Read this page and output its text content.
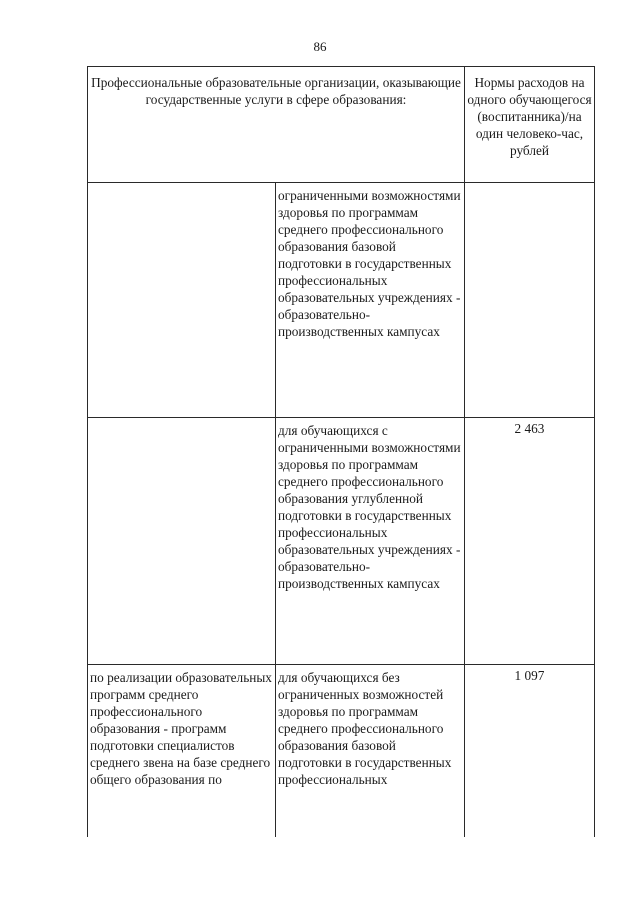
86
Профессиональные образовательные организации, оказывающие государственные услуги в сфере образования:		Нормы расходов на одного обучающегося (воспитанника)/на один человеко-час, рублей
	ограниченными возможностями здоровья по программам среднего профессионального образования базовой подготовки в государственных профессиональных образовательных учреждениях - образовательно-производственных кампусах	
	для обучающихся с ограниченными возможностями здоровья по программам среднего профессионального образования углубленной подготовки в государственных профессиональных образовательных учреждениях - образовательно-производственных кампусах	2 463
по реализации образовательных программ среднего профессионального образования - программ подготовки специалистов среднего звена на базе среднего общего образования по	для обучающихся без ограниченных возможностей здоровья по программам среднего профессионального образования базовой подготовки в государственных профессиональных	1 097
